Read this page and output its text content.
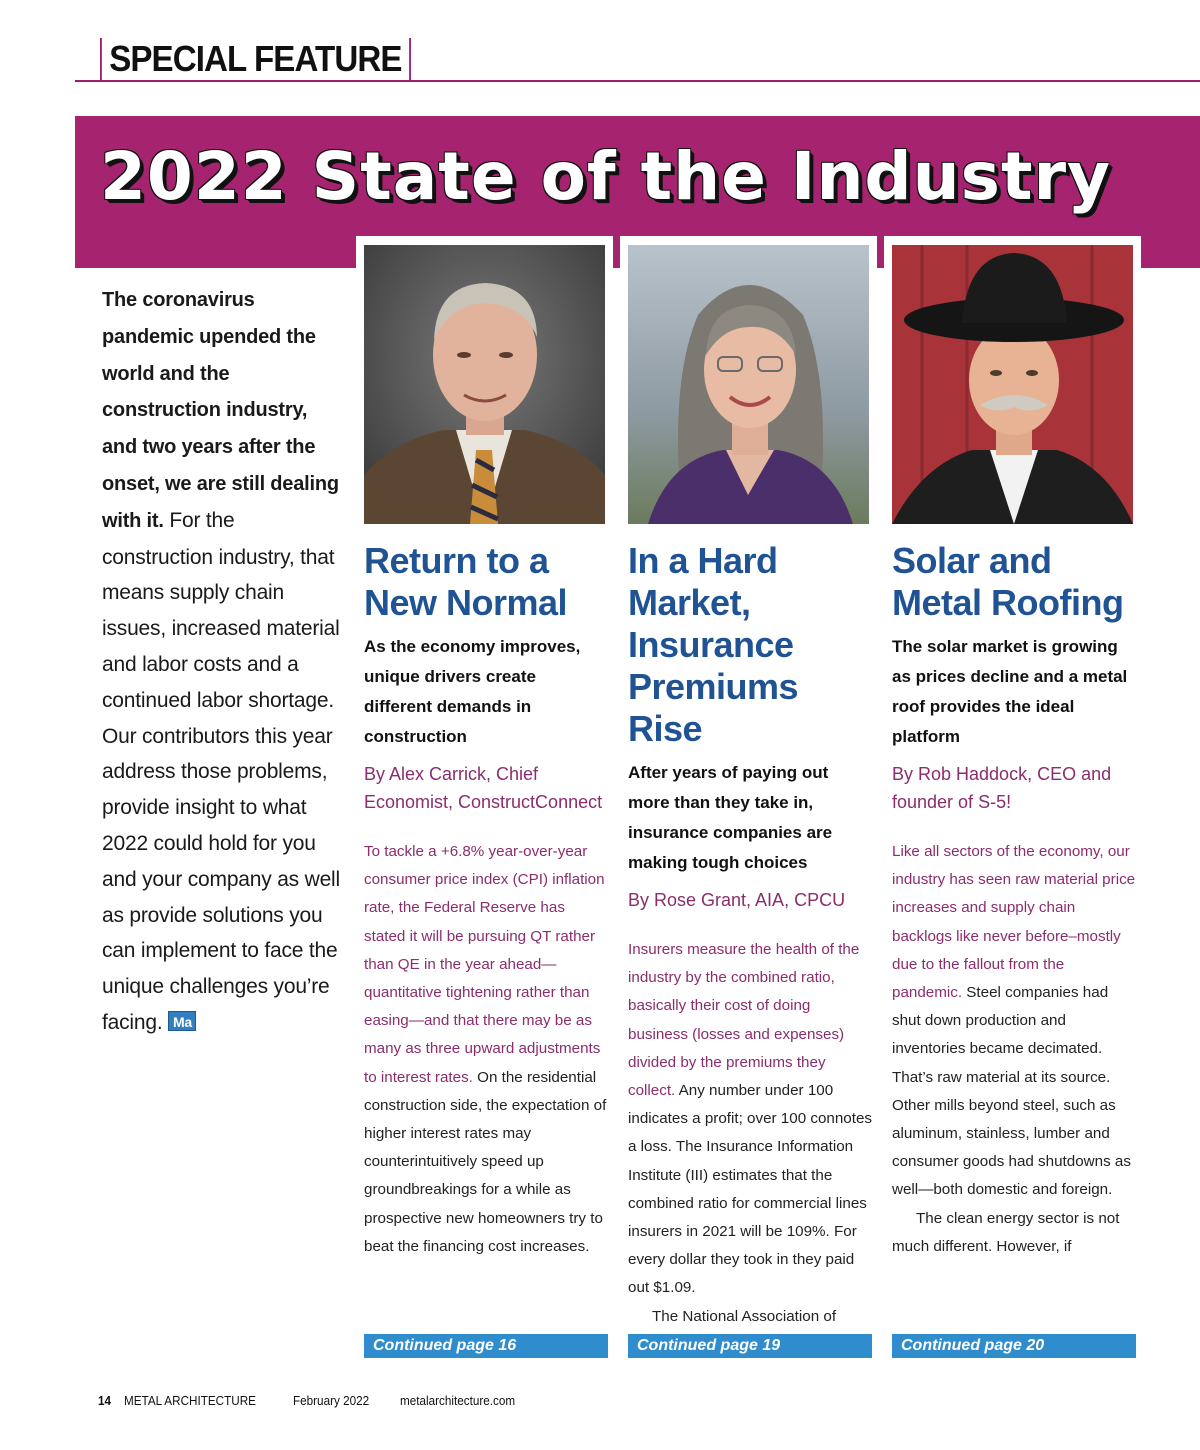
SPECIAL FEATURE
2022 State of the Industry
The coronavirus pandemic upended the world and the construction industry, and two years after the onset, we are still dealing with it. For the construction industry, that means supply chain issues, increased material and labor costs and a continued labor shortage. Our contributors this year address those problems, provide insight to what 2022 could hold for you and your company as well as provide solutions you can implement to face the unique challenges you’re facing. Ma
Return to a New Normal

As the economy improves, unique drivers create different demands in construction

By Alex Carrick, Chief Economist, ConstructConnect

To tackle a +6.8% year-over-year consumer price index (CPI) inflation rate, the Federal Reserve has stated it will be pursuing QT rather than QE in the year ahead—quantitative tightening rather than easing—and that there may be as many as three upward adjustments to interest rates. On the residential construction side, the expectation of higher interest rates may counterintuitively speed up groundbreakings for a while as prospective new homeowners try to beat the financing cost increases.

Continued page 16
In a Hard Market, Insurance Premiums Rise

After years of paying out more than they take in, insurance companies are making tough choices

By Rose Grant, AIA, CPCU

Insurers measure the health of the industry by the combined ratio, basically their cost of doing business (losses and expenses) divided by the premiums they collect. Any number under 100 indicates a profit; over 100 connotes a loss. The Insurance Information Institute (III) estimates that the combined ratio for commercial lines insurers in 2021 will be 109%. For every dollar they took in they paid out $1.09.
The National Association of

Continued page 19
Solar and Metal Roofing

The solar market is growing as prices decline and a metal roof provides the ideal platform

By Rob Haddock, CEO and founder of S-5!

Like all sectors of the economy, our industry has seen raw material price increases and supply chain backlogs like never before–mostly due to the fallout from the pandemic. Steel companies had shut down production and inventories became decimated. That’s raw material at its source. Other mills beyond steel, such as aluminum, stainless, lumber and consumer goods had shutdowns as well—both domestic and foreign.
The clean energy sector is not much different. However, if

Continued page 20
14 METAL ARCHITECTURE	February 2022 metalarchitecture.com
